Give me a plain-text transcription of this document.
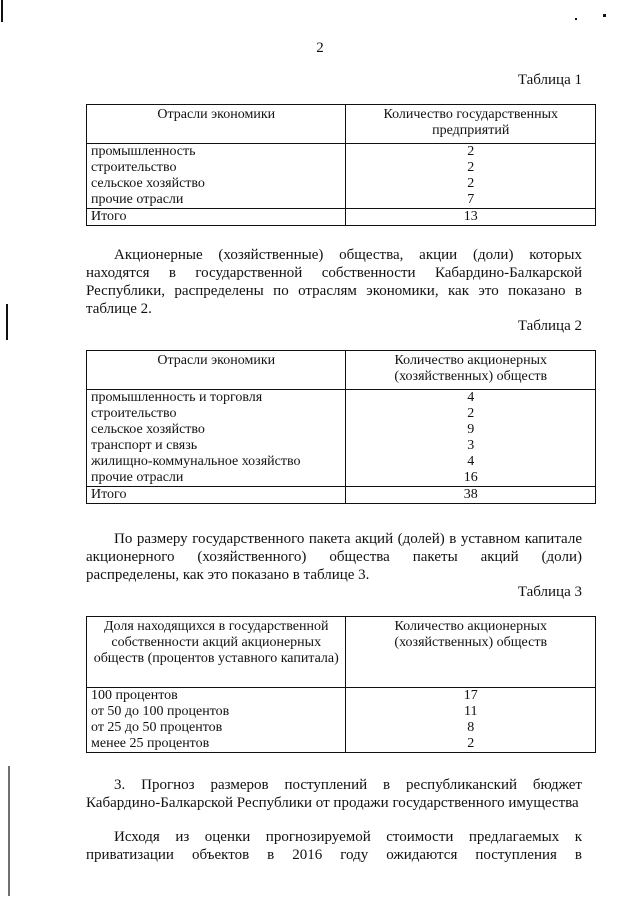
2
Таблица 1
Отрасли экономики	Количество государственных предприятий
промышленность	2
строительство	2
сельское хозяйство	2
прочие отрасли	7
Итого	13

Акционерные (хозяйственные) общества, акции (доли) которых находятся в государственной собственности Кабардино-Балкарской Республики, распределены по отраслям экономики, как это показано в таблице 2.

Таблица 2
Отрасли экономики	Количество акционерных (хозяйственных) обществ
промышленность и торговля	4
строительство	2
сельское хозяйство	9
транспорт и связь	3
жилищно-коммунальное хозяйство	4
прочие отрасли	16
Итого	38

По размеру государственного пакета акций (долей) в уставном капитале акционерного (хозяйственного) общества пакеты акций (доли) распределены, как это показано в таблице 3.

Таблица 3
Доля находящихся в государственной собственности акций акционерных обществ (процентов уставного капитала)	Количество акционерных (хозяйственных) обществ
100 процентов	17
от 50 до 100 процентов	11
от 25 до 50 процентов	8
менее 25 процентов	2

3. Прогноз размеров поступлений в республиканский бюджет Кабардино-Балкарской Республики от продажи государственного имущества

Исходя из оценки прогнозируемой стоимости предлагаемых к приватизации объектов в 2016 году ожидаются поступления в
